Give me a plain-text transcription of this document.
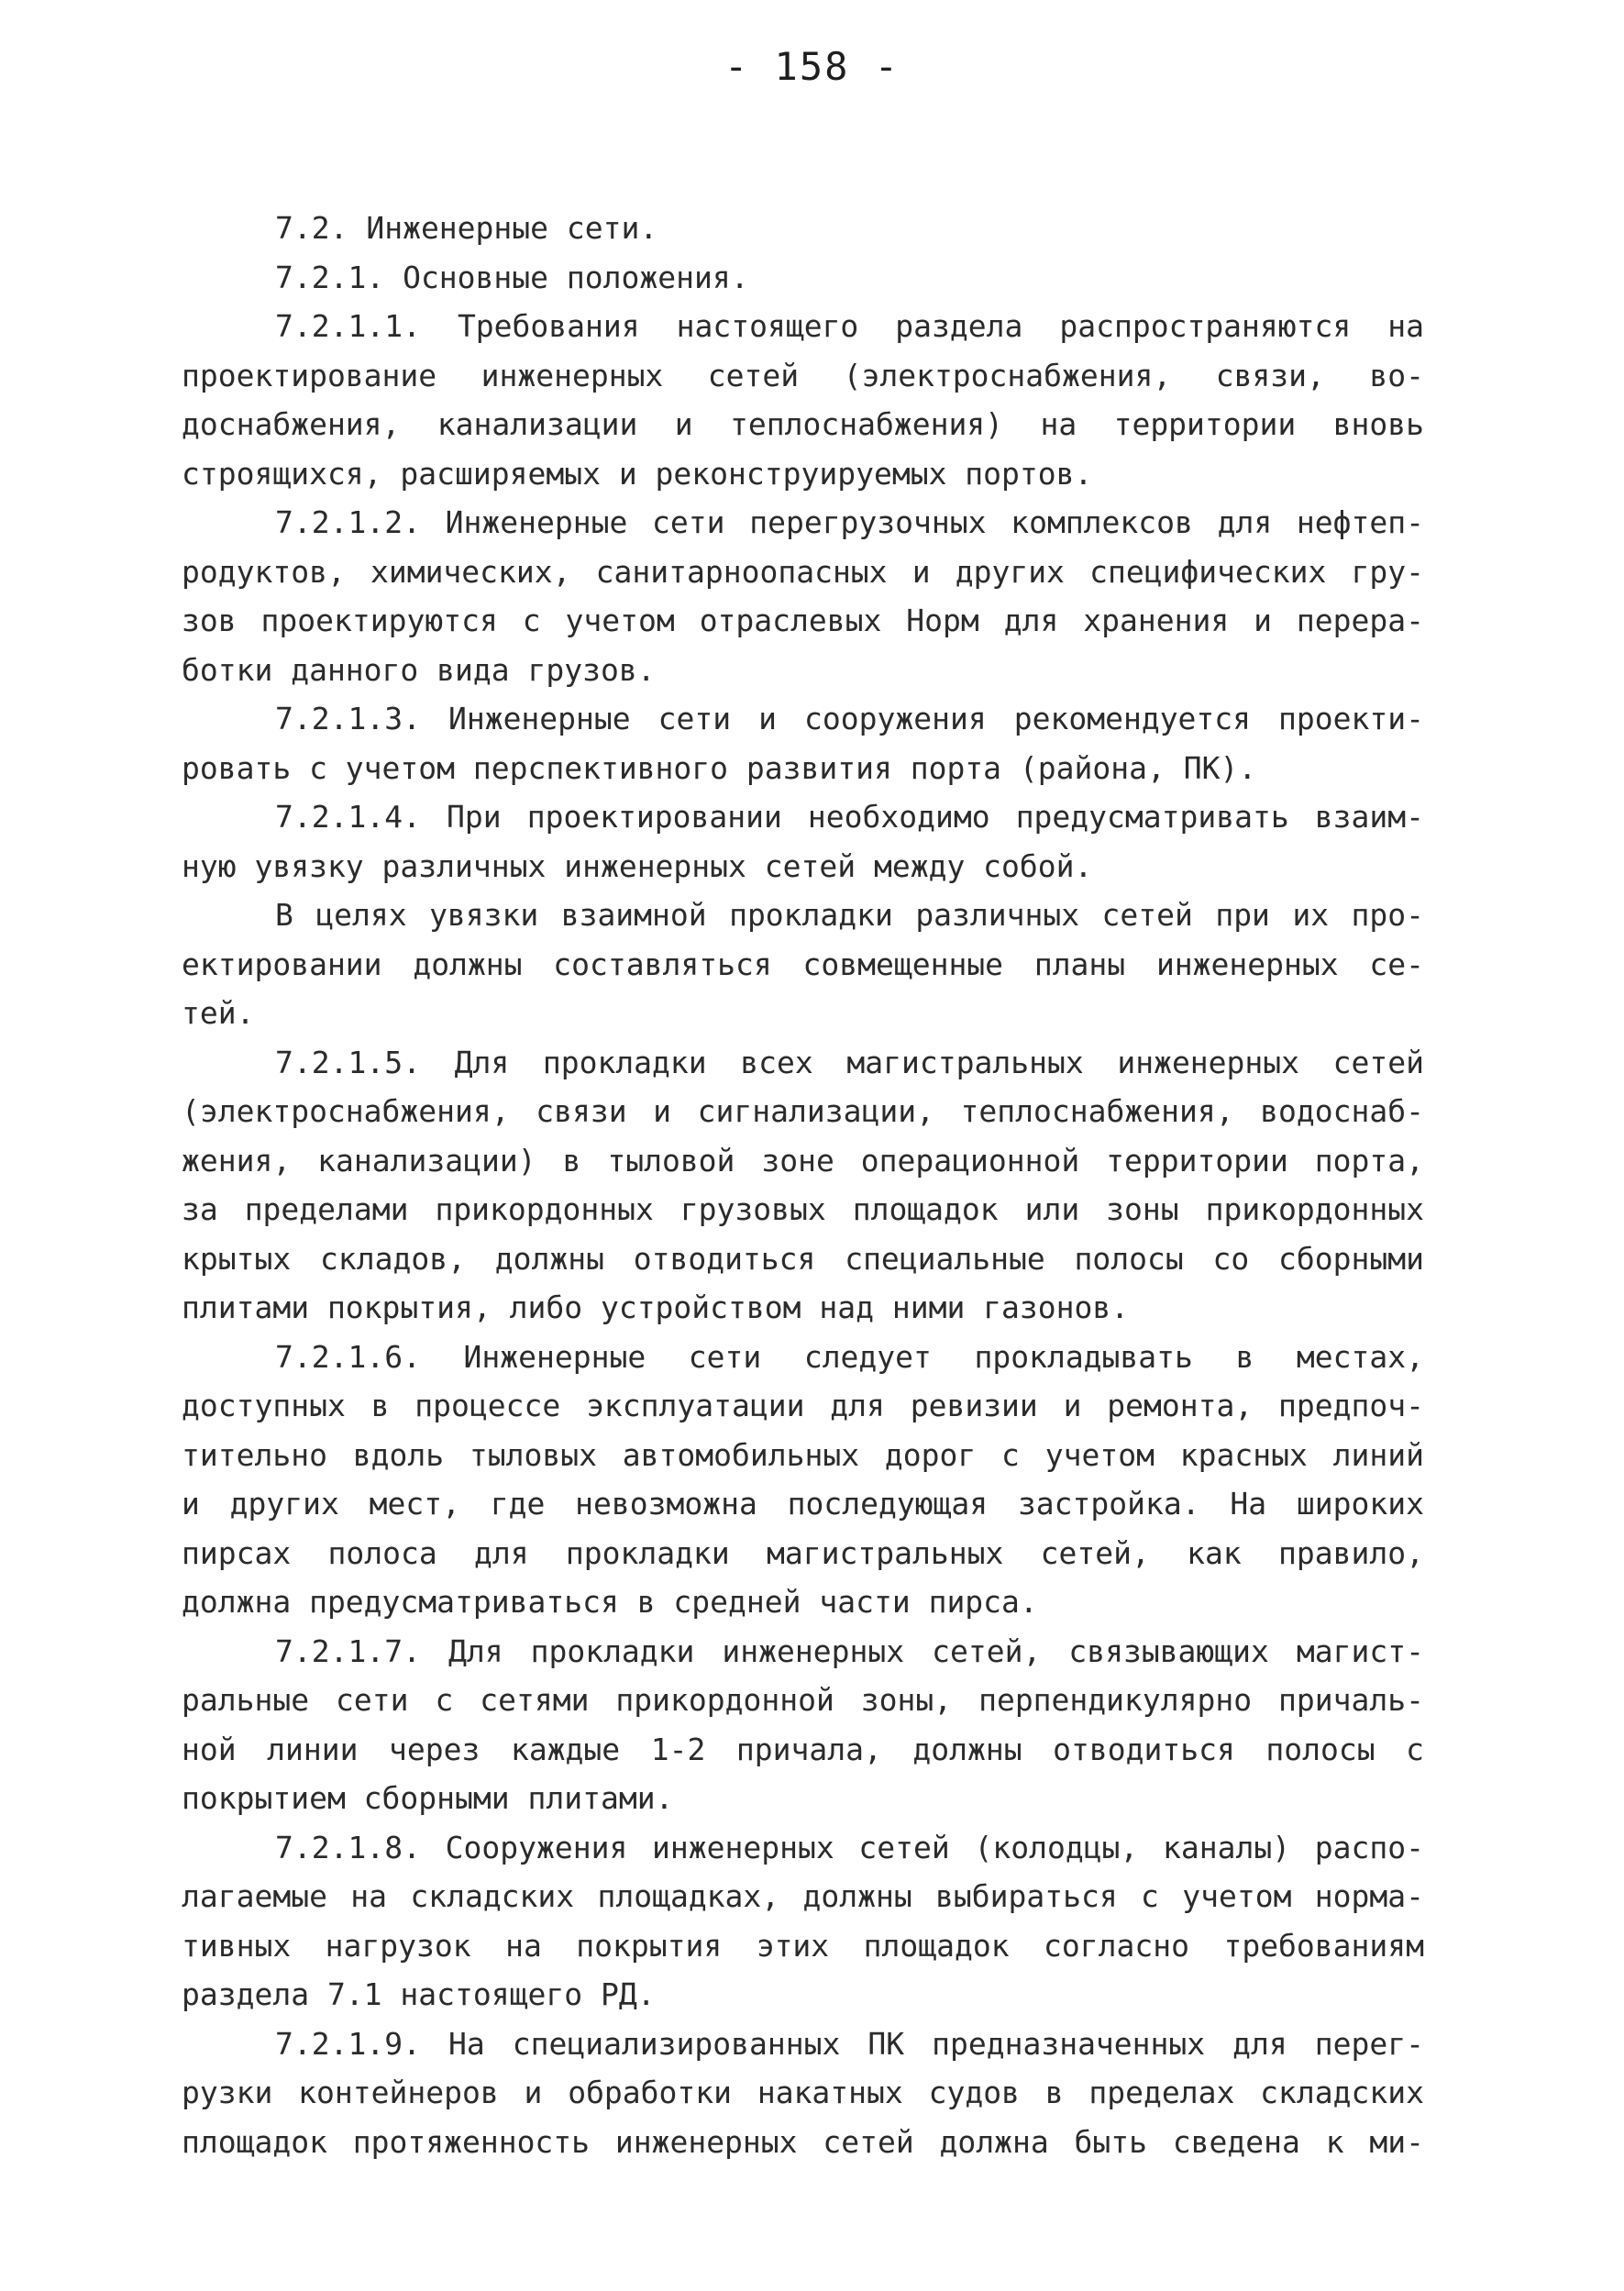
- 158 -
7.2. Инженерные сети.
7.2.1. Основные положения.
7.2.1.1. Требования настоящего раздела распространяются на
проектирование инженерных сетей (электроснабжения, связи, во-
доснабжения, канализации и теплоснабжения) на территории вновь
строящихся, расширяемых и реконструируемых портов.
7.2.1.2. Инженерные сети перегрузочных комплексов для нефтеп-
родуктов, химических, санитарноопасных и других специфических гру-
зов проектируются с учетом отраслевых Норм для хранения и перера-
ботки данного вида грузов.
7.2.1.3. Инженерные сети и сооружения рекомендуется проекти-
ровать с учетом перспективного развития порта (района, ПК).
7.2.1.4. При проектировании необходимо предусматривать взаим-
ную увязку различных инженерных сетей между собой.
В целях увязки взаимной прокладки различных сетей при их про-
ектировании должны составляться совмещенные планы инженерных се-
тей.
7.2.1.5. Для прокладки всех магистральных инженерных сетей
(электроснабжения, связи и сигнализации, теплоснабжения, водоснаб-
жения, канализации) в тыловой зоне операционной территории порта,
за пределами прикордонных грузовых площадок или зоны прикордонных
крытых складов, должны отводиться специальные полосы со сборными
плитами покрытия, либо устройством над ними газонов.
7.2.1.6. Инженерные сети следует прокладывать в местах,
доступных в процессе эксплуатации для ревизии и ремонта, предпоч-
тительно вдоль тыловых автомобильных дорог с учетом красных линий
и других мест, где невозможна последующая застройка. На широких
пирсах полоса для прокладки магистральных сетей, как правило,
должна предусматриваться в средней части пирса.
7.2.1.7. Для прокладки инженерных сетей, связывающих магист-
ральные сети с сетями прикордонной зоны, перпендикулярно причаль-
ной линии через каждые 1-2 причала, должны отводиться полосы с
покрытием сборными плитами.
7.2.1.8. Сооружения инженерных сетей (колодцы, каналы) распо-
лагаемые на складских площадках, должны выбираться с учетом норма-
тивных нагрузок на покрытия этих площадок согласно требованиям
раздела 7.1 настоящего РД.
7.2.1.9. На специализированных ПК предназначенных для перег-
рузки контейнеров и обработки накатных судов в пределах складских
площадок протяженность инженерных сетей должна быть сведена к ми-
